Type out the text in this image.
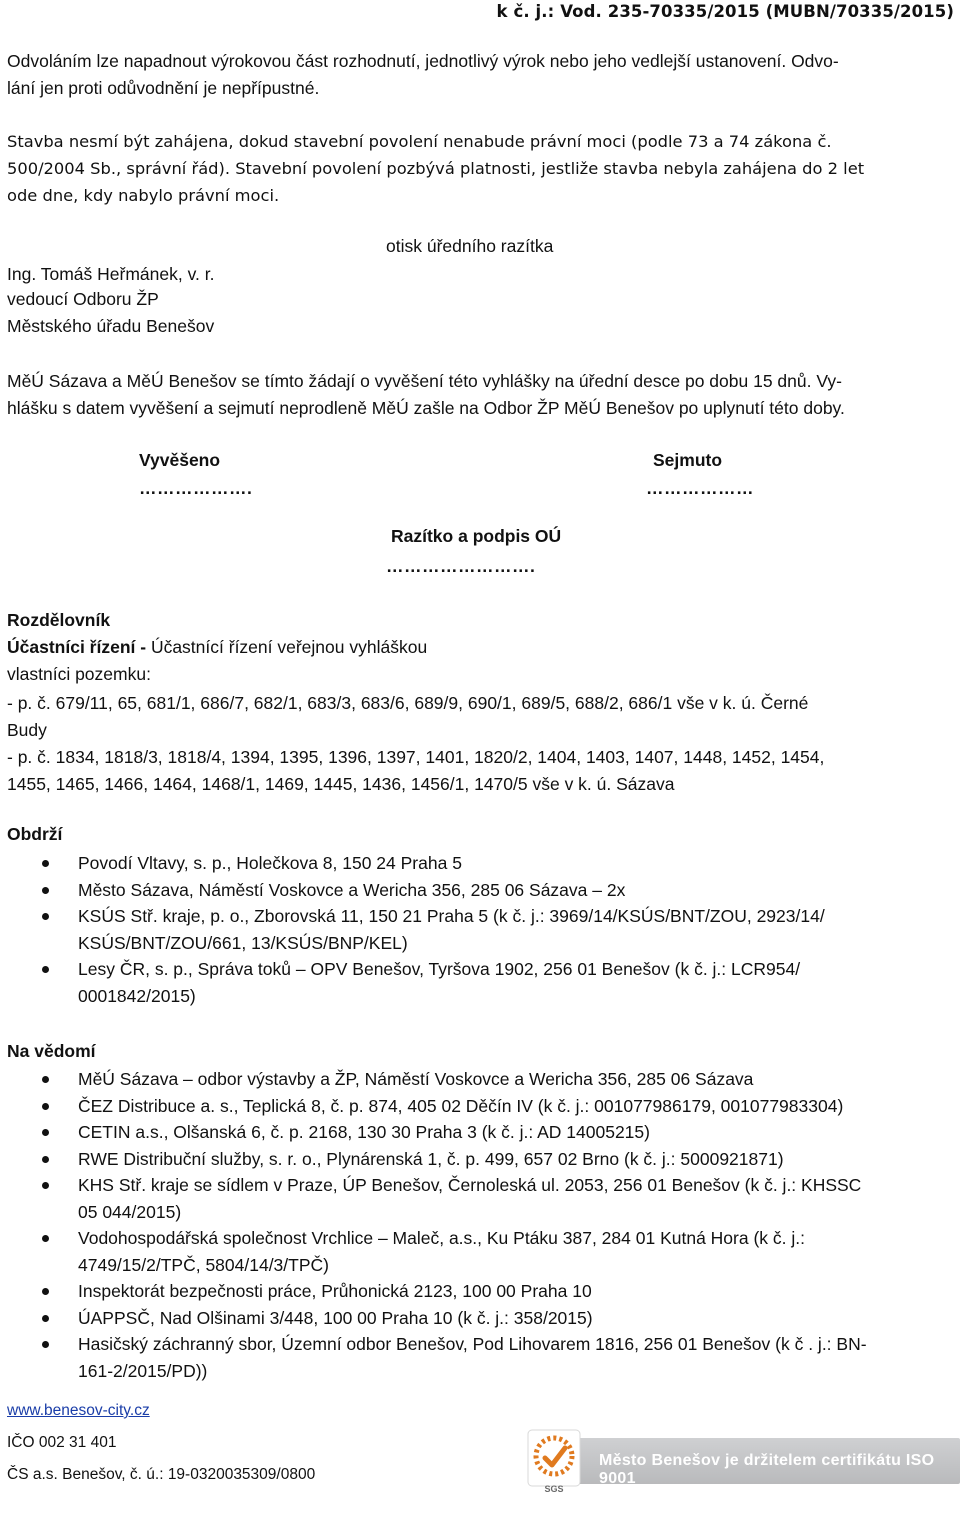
k č. j.: Vod. 235-70335/2015 (MUBN/70335/2015)
Odvoláním lze napadnout výrokovou část rozhodnutí, jednotlivý výrok nebo jeho vedlejší ustanovení. Odvo-
lání jen proti odůvodnění je nepřípustné.
Stavba nesmí být zahájena, dokud stavební povolení nenabude právní moci (podle 73 a 74 zákona č.
500/2004 Sb., správní řád). Stavební povolení pozbývá platnosti, jestliže stavba nebyla zahájena do 2 let
ode dne, kdy nabylo právní moci.
otisk úředního razítka
Ing. Tomáš Heřmánek, v. r.
vedoucí Odboru ŽP
Městského úřadu Benešov
MěÚ Sázava a MěÚ Benešov se tímto žádají o vyvěšení této vyhlášky na úřední desce po dobu 15 dnů. Vy-
hlášku s datem vyvěšení a sejmutí neprodleně MěÚ zašle na Odbor ŽP MěÚ Benešov po uplynutí této doby.
Vyvěšeno
……………….
Sejmuto
………………
Razítko a podpis OÚ
…………………….
Rozdělovník
Účastníci řízení - Účastnící řízení veřejnou vyhláškou
vlastníci pozemku:
- p. č. 679/11, 65, 681/1, 686/7, 682/1, 683/3, 683/6, 689/9, 690/1, 689/5, 688/2, 686/1 vše v k. ú. Černé
Budy
- p. č. 1834, 1818/3, 1818/4, 1394, 1395, 1396, 1397, 1401, 1820/2, 1404, 1403, 1407, 1448, 1452, 1454,
1455, 1465, 1466, 1464, 1468/1, 1469, 1445, 1436, 1456/1, 1470/5 vše v k. ú. Sázava
Obdrží
Povodí Vltavy, s. p., Holečkova 8, 150 24 Praha 5
Město Sázava, Náměstí Voskovce a Wericha 356, 285 06 Sázava – 2x
KSÚS Stř. kraje, p. o., Zborovská 11, 150 21 Praha 5 (k č. j.: 3969/14/KSÚS/BNT/ZOU, 2923/14/
KSÚS/BNT/ZOU/661, 13/KSÚS/BNP/KEL)
Lesy ČR, s. p., Správa toků – OPV Benešov, Tyršova 1902, 256 01 Benešov (k č. j.: LCR954/
0001842/2015)
Na vědomí
MěÚ Sázava – odbor výstavby a ŽP, Náměstí Voskovce a Wericha 356, 285 06 Sázava
ČEZ Distribuce a. s., Teplická 8, č. p. 874, 405 02 Děčín IV (k č. j.: 001077986179, 001077983304)
CETIN a.s., Olšanská 6, č. p. 2168, 130 30 Praha 3 (k č. j.: AD 14005215)
RWE Distribuční služby, s. r. o., Plynárenská 1, č. p. 499, 657 02 Brno (k č. j.: 5000921871)
KHS Stř. kraje se sídlem v Praze, ÚP Benešov, Černoleská ul. 2053, 256 01 Benešov (k č. j.: KHSSC
05 044/2015)
Vodohospodářská společnost Vrchlice – Maleč, a.s., Ku Ptáku 387, 284 01 Kutná Hora (k č. j.:
4749/15/2/TPČ, 5804/14/3/TPČ)
Inspektorát bezpečnosti práce, Průhonická 2123, 100 00 Praha 10
ÚAPPSČ, Nad Olšinami 3/448, 100 00 Praha 10 (k č. j.: 358/2015)
Hasičský záchranný sbor, Územní odbor Benešov, Pod Lihovarem 1816, 256 01 Benešov (k č . j.: BN-
161-2/2015/PD))
www.benesov-city.cz
IČO 002 31 401
ČS a.s. Benešov, č. ú.: 19-0320035309/0800
Město Benešov je držitelem certifikátu ISO 9001
SGS
